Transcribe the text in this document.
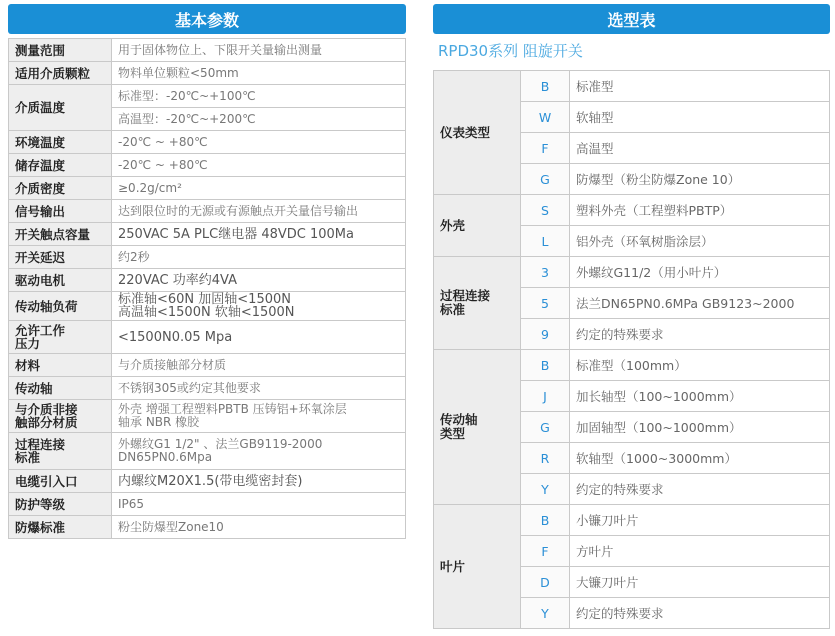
基本参数
测量范围	用于固体物位上、下限开关量输出测量
适用介质颗粒	物料单位颗粒<50mm
介质温度	标准型：-20℃~+100℃
	高温型：-20℃~+200℃
环境温度	-20℃ ~ +80℃
储存温度	-20℃ ~ +80℃
介质密度	≥0.2g/cm²
信号输出	达到限位时的无源或有源触点开关量信号输出
开关触点容量	250VAC 5A PLC继电器 48VDC 100Ma
开关延迟	约2秒
驱动电机	220VAC 功率约4VA
传动轴负荷	标准轴<60N 加固轴<1500N
高温轴<1500N 软轴<1500N
允许工作
压力	<1500N0.05 Mpa
材料	与介质接触部分材质
传动轴	不锈钢305或约定其他要求
与介质非接
触部分材质	外壳 增强工程塑料PBTB 压铸铝+环氧涂层
轴承 NBR 橡胶
过程连接
标准	外螺纹G1 1/2" 、法兰GB9119-2000
DN65PN0.6Mpa
电缆引入口	内螺纹M20X1.5(带电缆密封套)
防护等级	IP65
防爆标准	粉尘防爆型Zone10
选型表
RPD30系列 阻旋开关
仪表类型	B	标准型
	W	软轴型
	F	高温型
	G	防爆型（粉尘防爆Zone 10）
外壳	S	塑料外壳（工程塑料PBTP）
	L	铝外壳（环氧树脂涂层）
过程连接
标准	3	外螺纹G11/2（用小叶片）
	5	法兰DN65PN0.6MPa GB9123~2000
	9	约定的特殊要求
传动轴
类型	B	标准型（100mm）
	J	加长轴型（100~1000mm）
	G	加固轴型（100~1000mm）
	R	软轴型（1000~3000mm）
	Y	约定的特殊要求
叶片	B	小镰刀叶片
	F	方叶片
	D	大镰刀叶片
	Y	约定的特殊要求
